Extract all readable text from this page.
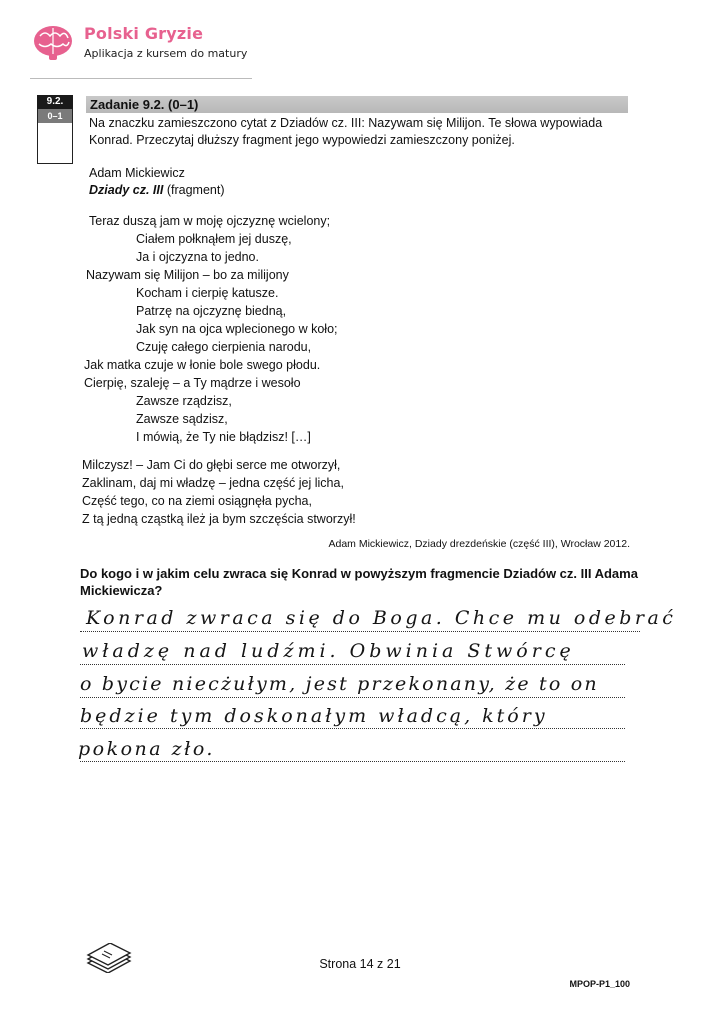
Polski Gryzie
Aplikacja z kursem do matury
9.2.
0–1
Zadanie 9.2. (0–1)
Na znaczku zamieszczono cytat z Dziadów cz. III: Nazywam się Milijon. Te słowa wypowiada Konrad. Przeczytaj dłuższy fragment jego wypowiedzi zamieszczony poniżej.
Adam Mickiewicz
Dziady cz. III (fragment)
Teraz duszą jam w moję ojczyznę wcielony;
Ciałem połknąłem jej duszę,
Ja i ojczyzna to jedno.
Nazywam się Milijon – bo za milijony
Kocham i cierpię katusze.
Patrzę na ojczyznę biedną,
Jak syn na ojca wplecionego w koło;
Czuję całego cierpienia narodu,
Jak matka czuje w łonie bole swego płodu.
Cierpię, szaleję – a Ty mądrze i wesoło
Zawsze rządzisz,
Zawsze sądzisz,
I mówią, że Ty nie błądzisz! […]
Milczysz! – Jam Ci do głębi serce me otworzył,
Zaklinam, daj mi władzę – jedna część jej licha,
Część tego, co na ziemi osiągnęła pycha,
Z tą jedną cząstką ileż ja bym szczęścia stworzył!
Adam Mickiewicz, Dziady drezdeńskie (część III), Wrocław 2012.
Do kogo i w jakim celu zwraca się Konrad w powyższym fragmencie Dziadów cz. III Adama Mickiewicza?
Konrad zwraca się do Boga. Chce mu odebrać
władzę nad ludźmi. Obwinia Stwórcę
o bycie niecżułym, jest przekonany, że to on
będzie tym doskonałym władcą, który
pokona zło.
Strona 14 z 21
MPOP-P1_100
